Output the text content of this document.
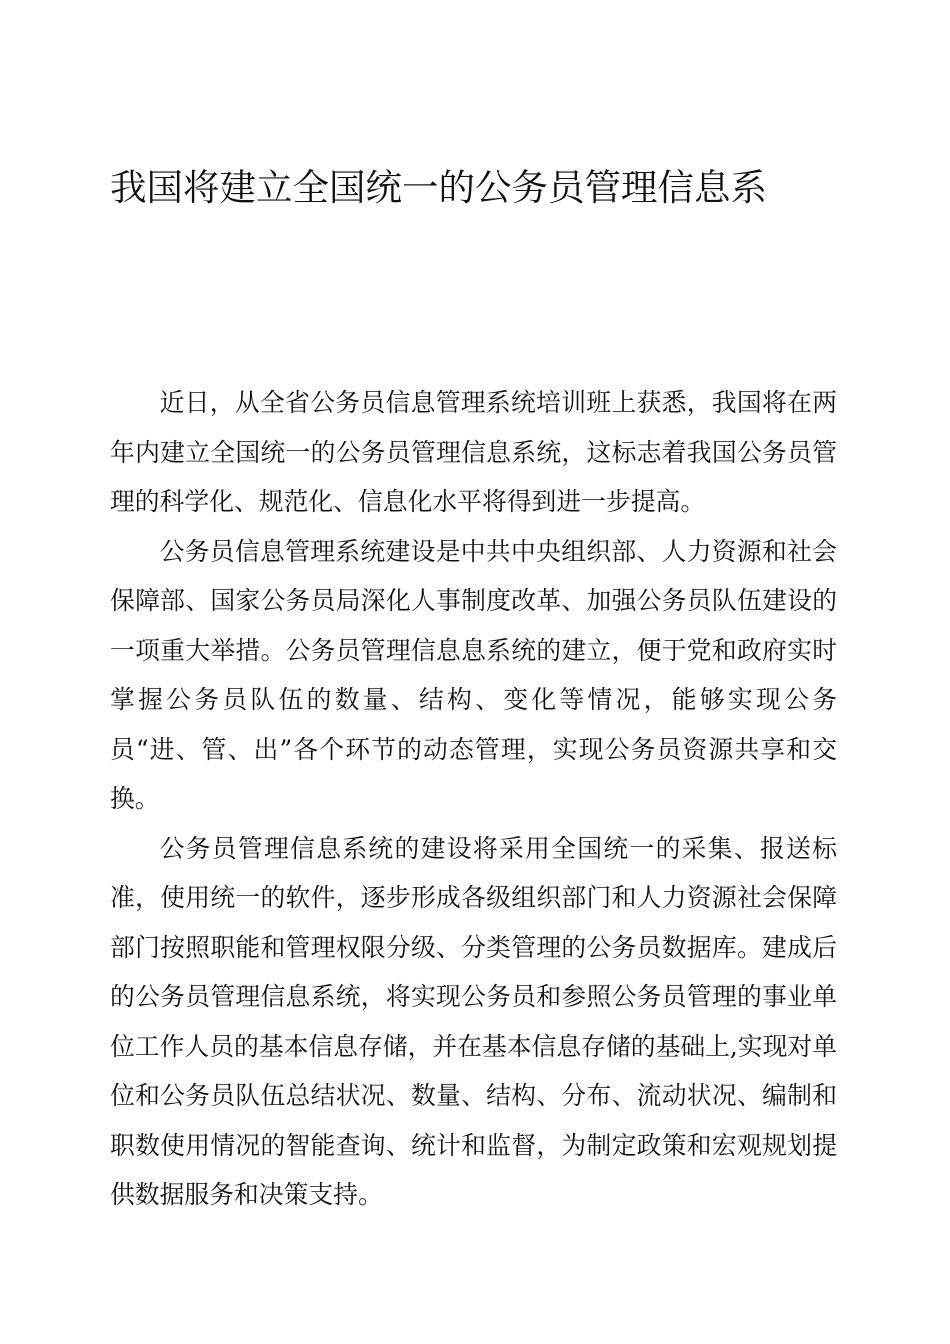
我国将建立全国统一的公务员管理信息系

近日，从全省公务员信息管理系统培训班上获悉，我国将在两年内建立全国统一的公务员管理信息系统，这标志着我国公务员管理的科学化、规范化、信息化水平将得到进一步提高。

公务员信息管理系统建设是中共中央组织部、人力资源和社会保障部、国家公务员局深化人事制度改革、加强公务员队伍建设的一项重大举措。公务员管理信息息系统的建立，便于党和政府实时掌握公务员队伍的数量、结构、变化等情况，能够实现公务员“进、管、出”各个环节的动态管理，实现公务员资源共享和交换。

公务员管理信息系统的建设将采用全国统一的采集、报送标准，使用统一的软件，逐步形成各级组织部门和人力资源社会保障部门按照职能和管理权限分级、分类管理的公务员数据库。建成后的公务员管理信息系统，将实现公务员和参照公务员管理的事业单位工作人员的基本信息存储，并在基本信息存储的基础上,实现对单位和公务员队伍总结状况、数量、结构、分布、流动状况、编制和职数使用情况的智能查询、统计和监督，为制定政策和宏观规划提供数据服务和决策支持。
